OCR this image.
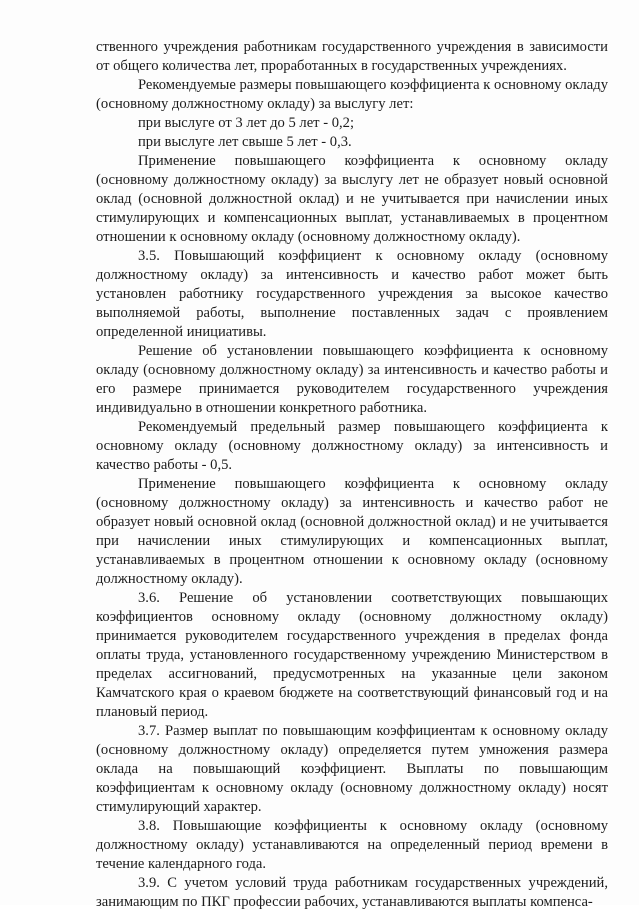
ственного учреждения работникам государственного учреждения в зависимости от общего количества лет, проработанных в государственных учреждениях.

Рекомендуемые размеры повышающего коэффициента к основному окладу (основному должностному окладу) за выслугу лет:

при выслуге от 3 лет до 5 лет - 0,2;

при выслуге лет свыше 5 лет - 0,3.

Применение повышающего коэффициента к основному окладу (основному должностному окладу) за выслугу лет не образует новый основной оклад (основной должностной оклад) и не учитывается при начислении иных стимулирующих и компенсационных выплат, устанавливаемых в процентном отношении к основному окладу (основному должностному окладу).

3.5. Повышающий коэффициент к основному окладу (основному должностному окладу) за интенсивность и качество работ может быть установлен работнику государственного учреждения за высокое качество выполняемой работы, выполнение поставленных задач с проявлением определенной инициативы.

Решение об установлении повышающего коэффициента к основному окладу (основному должностному окладу) за интенсивность и качество работы и его размере принимается руководителем государственного учреждения индивидуально в отношении конкретного работника.

Рекомендуемый предельный размер повышающего коэффициента к основному окладу (основному должностному окладу) за интенсивность и качество работы - 0,5.

Применение повышающего коэффициента к основному окладу (основному должностному окладу) за интенсивность и качество работ не образует новый основной оклад (основной должностной оклад) и не учитывается при начислении иных стимулирующих и компенсационных выплат, устанавливаемых в процентном отношении к основному окладу (основному должностному окладу).

3.6. Решение об установлении соответствующих повышающих коэффициентов основному окладу (основному должностному окладу) принимается руководителем государственного учреждения в пределах фонда оплаты труда, установленного государственному учреждению Министерством в пределах ассигнований, предусмотренных на указанные цели законом Камчатского края о краевом бюджете на соответствующий финансовый год и на плановый период.

3.7. Размер выплат по повышающим коэффициентам к основному окладу (основному должностному окладу) определяется путем умножения размера оклада на повышающий коэффициент. Выплаты по повышающим коэффициентам к основному окладу (основному должностному окладу) носят стимулирующий характер.

3.8. Повышающие коэффициенты к основному окладу (основному должностному окладу) устанавливаются на определенный период времени в течение календарного года.

3.9. С учетом условий труда работникам государственных учреждений, занимающим по ПКГ профессии рабочих, устанавливаются выплаты компенса-
